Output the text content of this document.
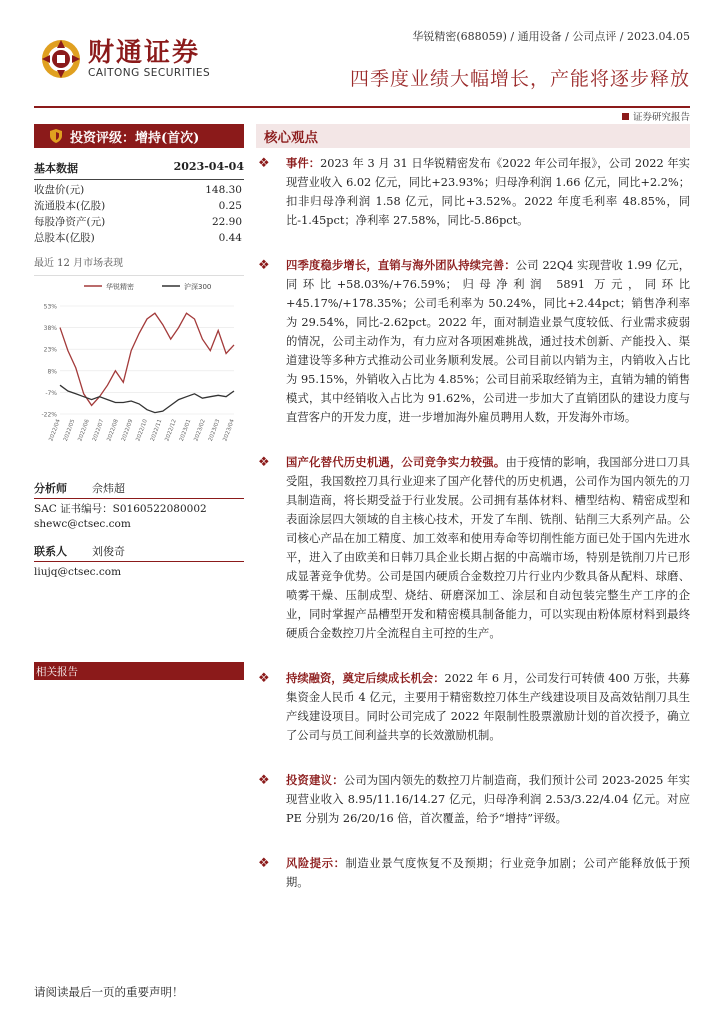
财通证券
CAITONG SECURITIES
华锐精密(688059) / 通用设备 / 公司点评 / 2023.04.05
四季度业绩大幅增长，产能将逐步释放
证券研究报告
投资评级：增持(首次)
基本数据	2023-04-04
收盘价(元)	148.30
流通股本(亿股)	0.25
每股净资产(元)	22.90
总股本(亿股)	0.44
最近 12 月市场表现
华锐精密	沪深300
53%
38%
23%
8%
-7%
-22%
2022/04 2022/05 2022/06 2022/07 2022/08 2022/09 2022/10 2022/11 2022/12 2023/01 2023/02 2023/03 2023/04
分析师	佘炜超
SAC 证书编号：S0160522080002
shewc@ctsec.com
联系人	刘俊奇
liujq@ctsec.com
相关报告
核心观点
❖ 事件：2023 年 3 月 31 日华锐精密发布《2022 年公司年报》，公司 2022 年实现营业收入 6.02 亿元，同比+23.93%；归母净利润 1.66 亿元，同比+2.2%；扣非归母净利润 1.58 亿元，同比+3.52%。2022 年度毛利率 48.85%，同比-1.45pct；净利率 27.58%，同比-5.86pct。
❖ 四季度稳步增长，直销与海外团队持续完善：公司 22Q4 实现营收 1.99 亿元，同环比+58.03%/+76.59%；归母净利润 5891 万元，同环比+45.17%/+178.35%；公司毛利率为 50.24%，同比+2.44pct；销售净利率为 29.54%，同比-2.62pct。2022 年，面对制造业景气度较低、行业需求疲弱的情况，公司主动作为，有力应对各项困难挑战，通过技术创新、产能投入、渠道建设等多种方式推动公司业务顺利发展。公司目前以内销为主，内销收入占比为 95.15%，外销收入占比为 4.85%；公司目前采取经销为主，直销为辅的销售模式，其中经销收入占比为 91.62%，公司进一步加大了直销团队的建设力度与直营客户的开发力度，进一步增加海外雇员聘用人数，开发海外市场。
❖ 国产化替代历史机遇，公司竞争实力较强。由于疫情的影响，我国部分进口刀具受阻，我国数控刀具行业迎来了国产化替代的历史机遇，公司作为国内领先的刀具制造商，将长期受益于行业发展。公司拥有基体材料、槽型结构、精密成型和表面涂层四大领域的自主核心技术，开发了车削、铣削、钻削三大系列产品。公司核心产品在加工精度、加工效率和使用寿命等切削性能方面已处于国内先进水平，进入了由欧美和日韩刀具企业长期占据的中高端市场，特别是铣削刀片已形成显著竞争优势。公司是国内硬质合金数控刀片行业内少数具备从配料、球磨、喷雾干燥、压制成型、烧结、研磨深加工、涂层和自动包装完整生产工序的企业，同时掌握产品槽型开发和精密模具制备能力，可以实现由粉体原材料到最终硬质合金数控刀片全流程自主可控的生产。
❖ 持续融资，奠定后续成长机会：2022 年 6 月，公司发行可转债 400 万张，共募集资金人民币 4 亿元，主要用于精密数控刀体生产线建设项目及高效钻削刀具生产线建设项目。同时公司完成了 2022 年限制性股票激励计划的首次授予，确立了公司与员工间利益共享的长效激励机制。
❖ 投资建议：公司为国内领先的数控刀片制造商，我们预计公司 2023-2025 年实现营业收入 8.95/11.16/14.27 亿元，归母净利润 2.53/3.22/4.04 亿元。对应 PE 分别为 26/20/16 倍，首次覆盖，给予“增持”评级。
❖ 风险提示：制造业景气度恢复不及预期；行业竞争加剧；公司产能释放低于预期。
请阅读最后一页的重要声明！
